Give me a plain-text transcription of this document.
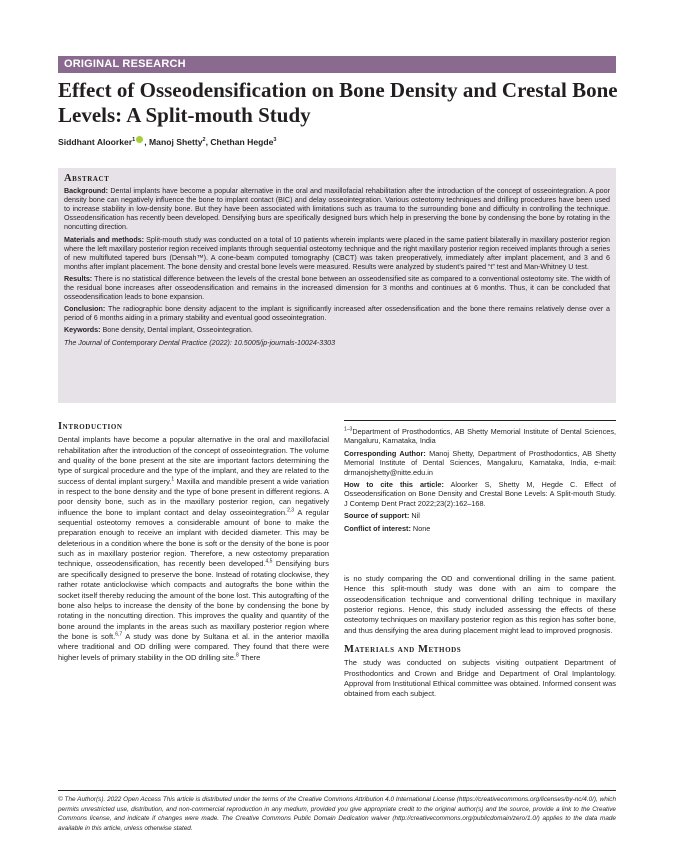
ORIGINAL RESEARCH
Effect of Osseodensification on Bone Density and Crestal Bone Levels: A Split-mouth Study
Siddhant Aloorker$^1$ , Manoj Shetty$^2$, Chethan Hegde$^3$
Abstract

Background: Dental implants have become a popular alternative in the oral and maxillofacial rehabilitation after the introduction of the concept of osseointegration. A poor density bone can negatively influence the bone to implant contact (BIC) and delay osseointegration. Various osteotomy techniques and drilling procedures have been used to increase stability in low-density bone. But they have been associated with limitations such as trauma to the surrounding bone and difficulty in controlling the technique. Osseodensification has recently been developed. Densifying burs are specifically designed burs which help in preserving the bone by condensing the bone by rotating in the noncutting direction.

Materials and methods: Split-mouth study was conducted on a total of 10 patients wherein implants were placed in the same patient bilaterally in maxillary posterior region where the left maxillary posterior region received implants through sequential osteotomy technique and the right maxillary posterior region received implants through a series of new multifluted tapered burs (Densah™). A cone-beam computed tomography (CBCT) was taken preoperatively, immediately after implant placement, and 3 and 6 months after implant placement. The bone density and crestal bone levels were measured. Results were analyzed by student’s paired “t” test and Man-Whitney U test.

Results: There is no statistical difference between the levels of the crestal bone between an osseodensified site as compared to a conventional osteotomy site. The width of the residual bone increases after osseodensification and remains in the increased dimension for 3 months and continues at 6 months. Thus, it can be concluded that osseodensification leads to bone expansion.

Conclusion: The radiographic bone density adjacent to the implant is significantly increased after ossedensification and the bone there remains relatively dense over a period of 6 months aiding in a primary stability and eventual good osseointegration.

Keywords: Bone density, Dental implant, Osseointegration.

The Journal of Contemporary Dental Practice (2022): 10.5005/jp-journals-10024-3303

Introduction

Dental implants have become a popular alternative in the oral and maxillofacial rehabilitation after the introduction of the concept of osseointegration. The volume and quality of the bone present at the site are important factors determining the type of surgical procedure and the type of the implant, and they are related to the success of dental implant surgery.$^1$ Maxilla and mandible present a wide variation in respect to the bone density and the type of bone present in different regions. A poor density bone, such as in the maxillary posterior region, can negatively influence the bone to implant contact and delay osseointegration.$^{2,3}$ A regular sequential osteotomy removes a considerable amount of bone to make the preparation enough to receive an implant with decided diameter. This may be deleterious in a condition where the bone is soft or the density of the bone is poor such as in maxillary posterior region. Therefore, a new osteotomy preparation technique, osseodensification, has recently been developed.$^{4,5}$ Densifying burs are specifically designed to preserve the bone. Instead of rotating clockwise, they rather rotate anticlockwise which compacts and autografts the bone within the socket itself thereby reducing the amount of the bone lost. This autografting of the bone also helps to increase the density of the bone by condensing the bone by rotating in the noncutting direction. This improves the quality and quantity of the bone around the implants in the areas such as maxillary posterior region where the bone is soft.$^{6,7}$ A study was done by Sultana et al. in the anterior maxilla where traditional and OD drilling were compared. They found that there were higher levels of primary stability in the OD drilling site.$^8$ There

$^{1-3}$Department of Prosthodontics, AB Shetty Memorial Institute of Dental Sciences, Mangaluru, Karnataka, India

Corresponding Author: Manoj Shetty, Department of Prosthodontics, AB Shetty Memorial Institute of Dental Sciences, Mangaluru, Karnataka, India, e-mail: drmanojshetty@nitte.edu.in

How to cite this article: Aloorker S, Shetty M, Hegde C. Effect of Osseodensification on Bone Density and Crestal Bone Levels: A Split-mouth Study. J Contemp Dent Pract 2022;23(2):162–168.

Source of support: Nil

Conflict of interest: None

is no study comparing the OD and conventional drilling in the same patient. Hence this split-mouth study was done with an aim to compare the osseodensification technique and conventional drilling technique in maxillary posterior regions. Hence, this study included assessing the effects of these osteotomy techniques on maxillary posterior region as this region has softer bone, and thus densifying the area during placement might lead to improved prognosis.

Materials and Methods

The study was conducted on subjects visiting outpatient Department of Prosthodontics and Crown and Bridge and Department of Oral Implantology. Approval from Institutional Ethical committee was obtained. Informed consent was obtained from each subject.

© The Author(s). 2022 Open Access This article is distributed under the terms of the Creative Commons Attribution 4.0 International License (https://creativecommons.org/licenses/by-nc/4.0/), which permits unrestricted use, distribution, and non-commercial reproduction in any medium, provided you give appropriate credit to the original author(s) and the source, provide a link to the Creative Commons license, and indicate if changes were made. The Creative Commons Public Domain Dedication waiver (http://creativecommons.org/publicdomain/zero/1.0/) applies to the data made available in this article, unless otherwise stated.
